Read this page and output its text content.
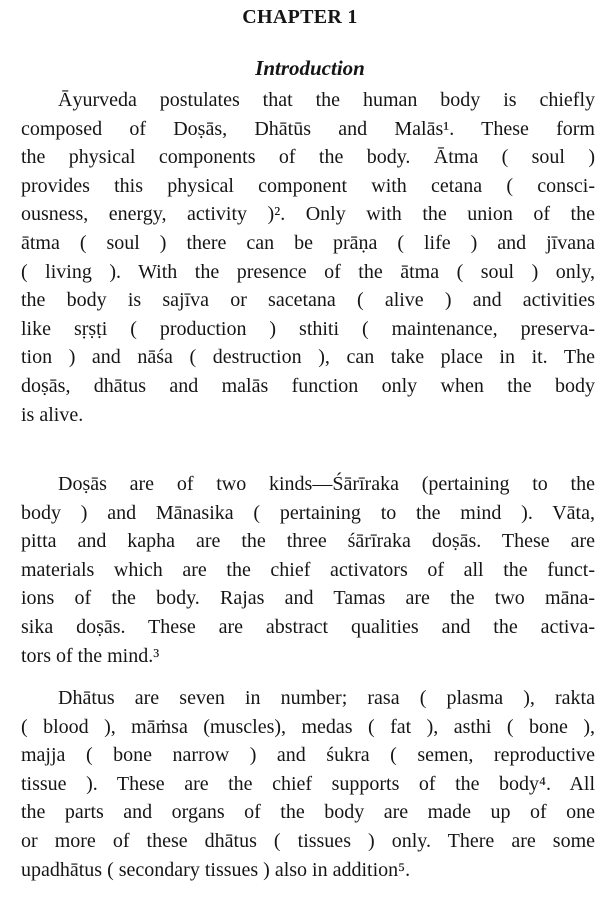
CHAPTER 1
Introduction
Āyurveda postulates that the human body is chiefly
composed of Doṣās, Dhātūs and Malās¹. These form
the physical components of the body. Ātma ( soul )
provides this physical component with cetana ( consci-
ousness, energy, activity )². Only with the union of the
ātma ( soul ) there can be prāṇa ( life ) and jīvana
( living ). With the presence of the ātma ( soul ) only,
the body is sajīva or sacetana ( alive ) and activities
like sṛṣṭi ( production ) sthiti ( maintenance, preserva-
tion ) and nāśa ( destruction ), can take place in it. The
doṣās, dhātus and malās function only when the body
is alive.
Doṣās are of two kinds—Śārīraka (pertaining to the
body ) and Mānasika ( pertaining to the mind ). Vāta,
pitta and kapha are the three śārīraka doṣās. These are
materials which are the chief activators of all the funct-
ions of the body. Rajas and Tamas are the two māna-
sika doṣās. These are abstract qualities and the activa-
tors of the mind.³
Dhātus are seven in number; rasa ( plasma ), rakta
( blood ), māṁsa (muscles), medas ( fat ), asthi ( bone ),
majja ( bone narrow ) and śukra ( semen, reproductive
tissue ). These are the chief supports of the body⁴. All
the parts and organs of the body are made up of one
or more of these dhātus ( tissues ) only. There are some
upadhātus ( secondary tissues ) also in addition⁵.
